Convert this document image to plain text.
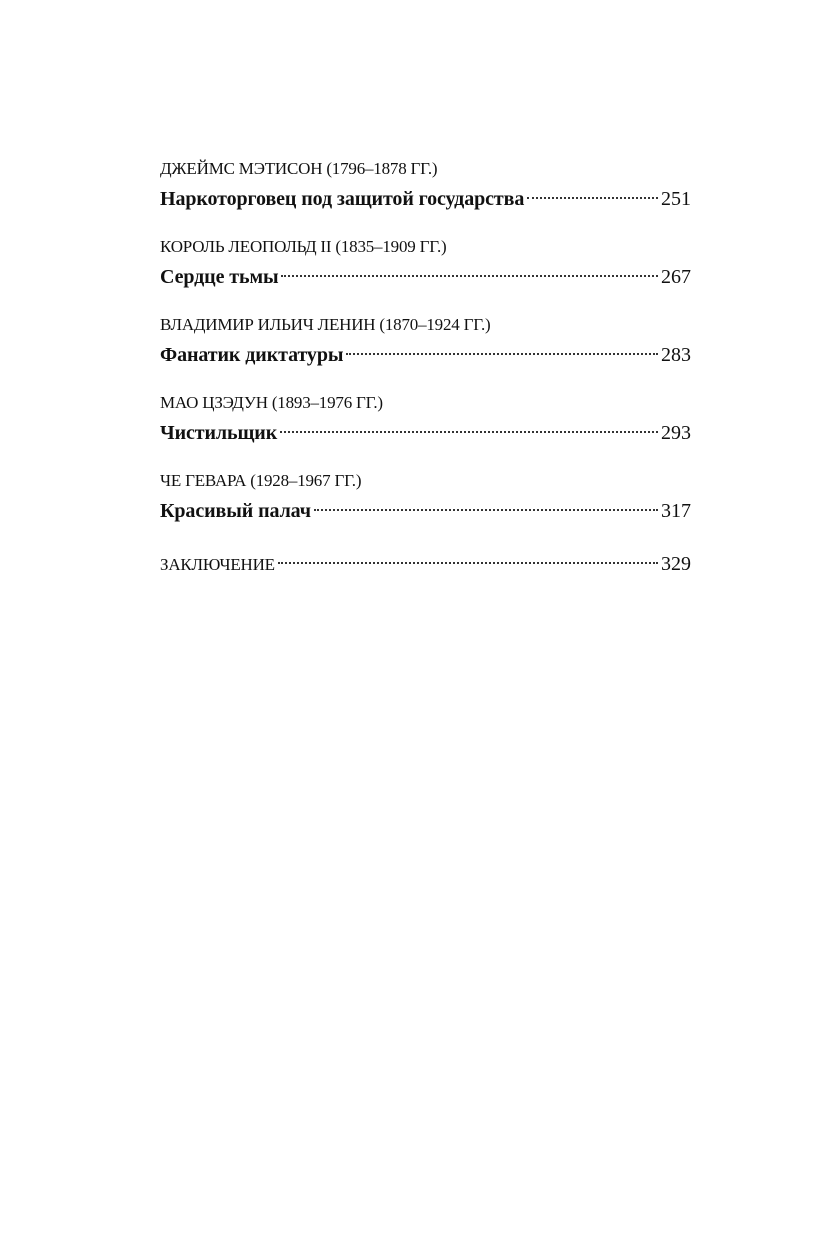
ДЖЕЙМС МЭТИСОН (1796–1878 ГГ.)
Наркоторговец под защитой государства	251
КОРОЛЬ ЛЕОПОЛЬД II (1835–1909 ГГ.)
Сердце тьмы	267
ВЛАДИМИР ИЛЬИЧ ЛЕНИН (1870–1924 ГГ.)
Фанатик диктатуры	283
МАО ЦЗЭДУН (1893–1976 ГГ.)
Чистильщик	293
ЧЕ ГЕВАРА (1928–1967 ГГ.)
Красивый палач	317
ЗАКЛЮЧЕНИЕ	329
